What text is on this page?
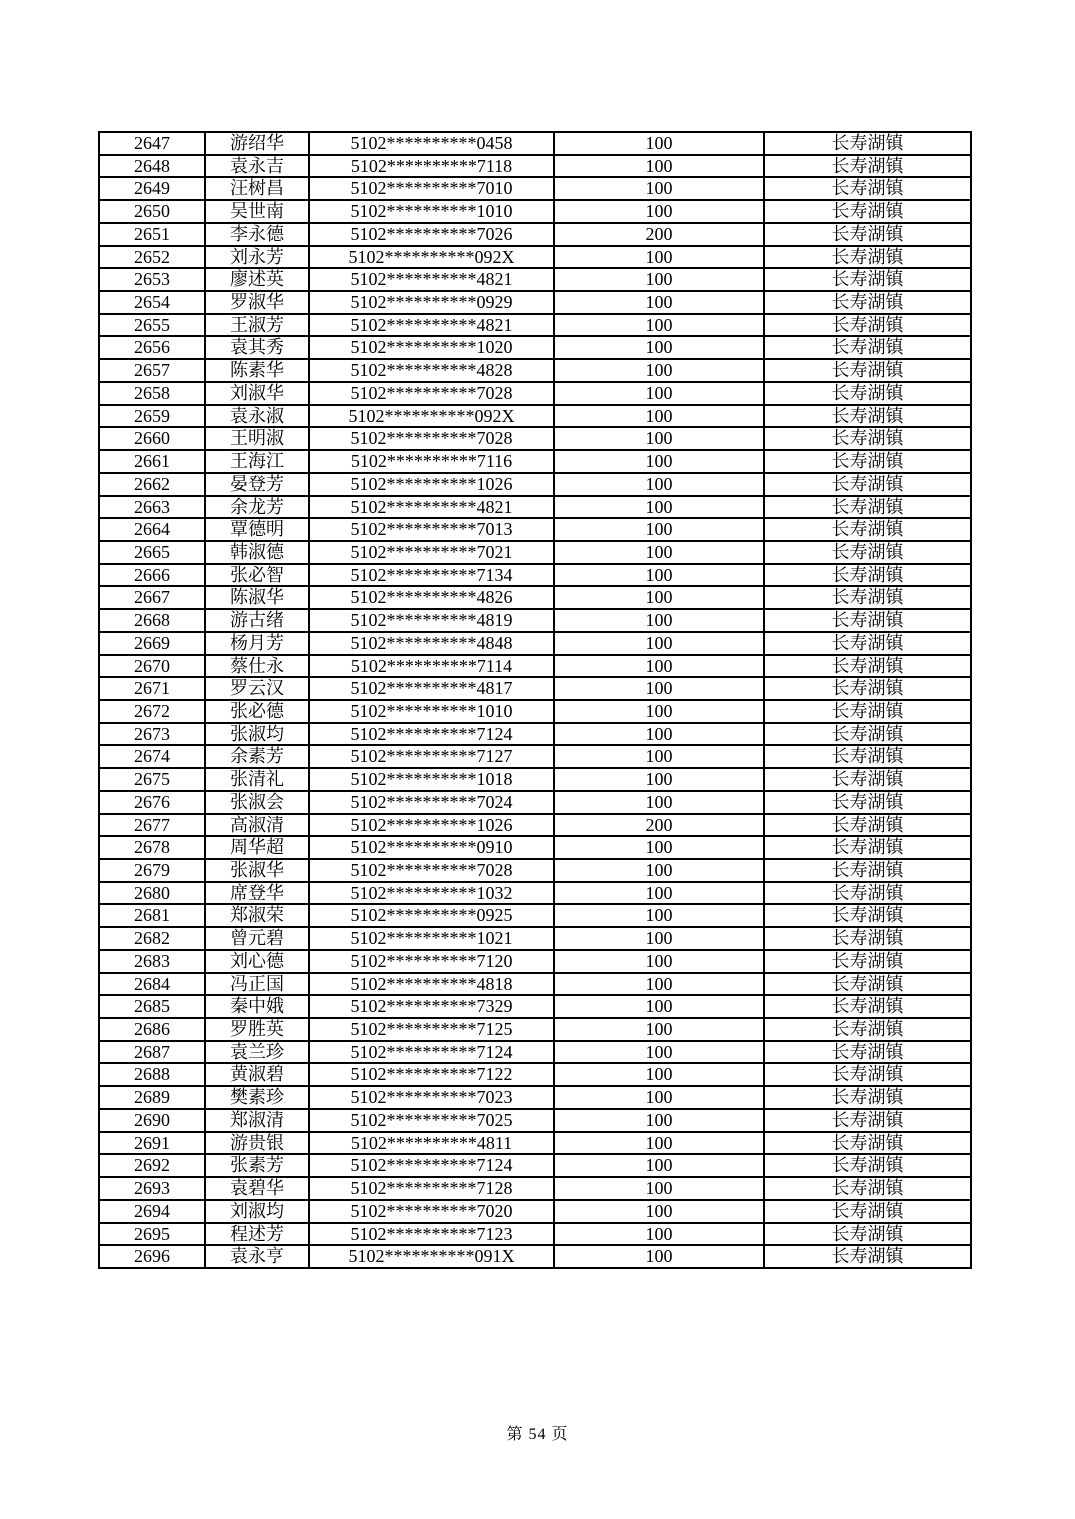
2647	游绍华	5102**********0458	100	长寿湖镇
2648	袁永吉	5102**********7118	100	长寿湖镇
2649	汪树昌	5102**********7010	100	长寿湖镇
2650	吴世南	5102**********1010	100	长寿湖镇
2651	李永德	5102**********7026	200	长寿湖镇
2652	刘永芳	5102**********092X	100	长寿湖镇
2653	廖述英	5102**********4821	100	长寿湖镇
2654	罗淑华	5102**********0929	100	长寿湖镇
2655	王淑芳	5102**********4821	100	长寿湖镇
2656	袁其秀	5102**********1020	100	长寿湖镇
2657	陈素华	5102**********4828	100	长寿湖镇
2658	刘淑华	5102**********7028	100	长寿湖镇
2659	袁永淑	5102**********092X	100	长寿湖镇
2660	王明淑	5102**********7028	100	长寿湖镇
2661	王海江	5102**********7116	100	长寿湖镇
2662	晏登芳	5102**********1026	100	长寿湖镇
2663	余龙芳	5102**********4821	100	长寿湖镇
2664	覃德明	5102**********7013	100	长寿湖镇
2665	韩淑德	5102**********7021	100	长寿湖镇
2666	张必智	5102**********7134	100	长寿湖镇
2667	陈淑华	5102**********4826	100	长寿湖镇
2668	游古绪	5102**********4819	100	长寿湖镇
2669	杨月芳	5102**********4848	100	长寿湖镇
2670	蔡仕永	5102**********7114	100	长寿湖镇
2671	罗云汉	5102**********4817	100	长寿湖镇
2672	张必德	5102**********1010	100	长寿湖镇
2673	张淑均	5102**********7124	100	长寿湖镇
2674	余素芳	5102**********7127	100	长寿湖镇
2675	张清礼	5102**********1018	100	长寿湖镇
2676	张淑会	5102**********7024	100	长寿湖镇
2677	高淑清	5102**********1026	200	长寿湖镇
2678	周华超	5102**********0910	100	长寿湖镇
2679	张淑华	5102**********7028	100	长寿湖镇
2680	席登华	5102**********1032	100	长寿湖镇
2681	郑淑荣	5102**********0925	100	长寿湖镇
2682	曾元碧	5102**********1021	100	长寿湖镇
2683	刘心德	5102**********7120	100	长寿湖镇
2684	冯正国	5102**********4818	100	长寿湖镇
2685	秦中娥	5102**********7329	100	长寿湖镇
2686	罗胜英	5102**********7125	100	长寿湖镇
2687	袁兰珍	5102**********7124	100	长寿湖镇
2688	黄淑碧	5102**********7122	100	长寿湖镇
2689	樊素珍	5102**********7023	100	长寿湖镇
2690	郑淑清	5102**********7025	100	长寿湖镇
2691	游贵银	5102**********4811	100	长寿湖镇
2692	张素芳	5102**********7124	100	长寿湖镇
2693	袁碧华	5102**********7128	100	长寿湖镇
2694	刘淑均	5102**********7020	100	长寿湖镇
2695	程述芳	5102**********7123	100	长寿湖镇
2696	袁永亨	5102**********091X	100	长寿湖镇
第 54 页
